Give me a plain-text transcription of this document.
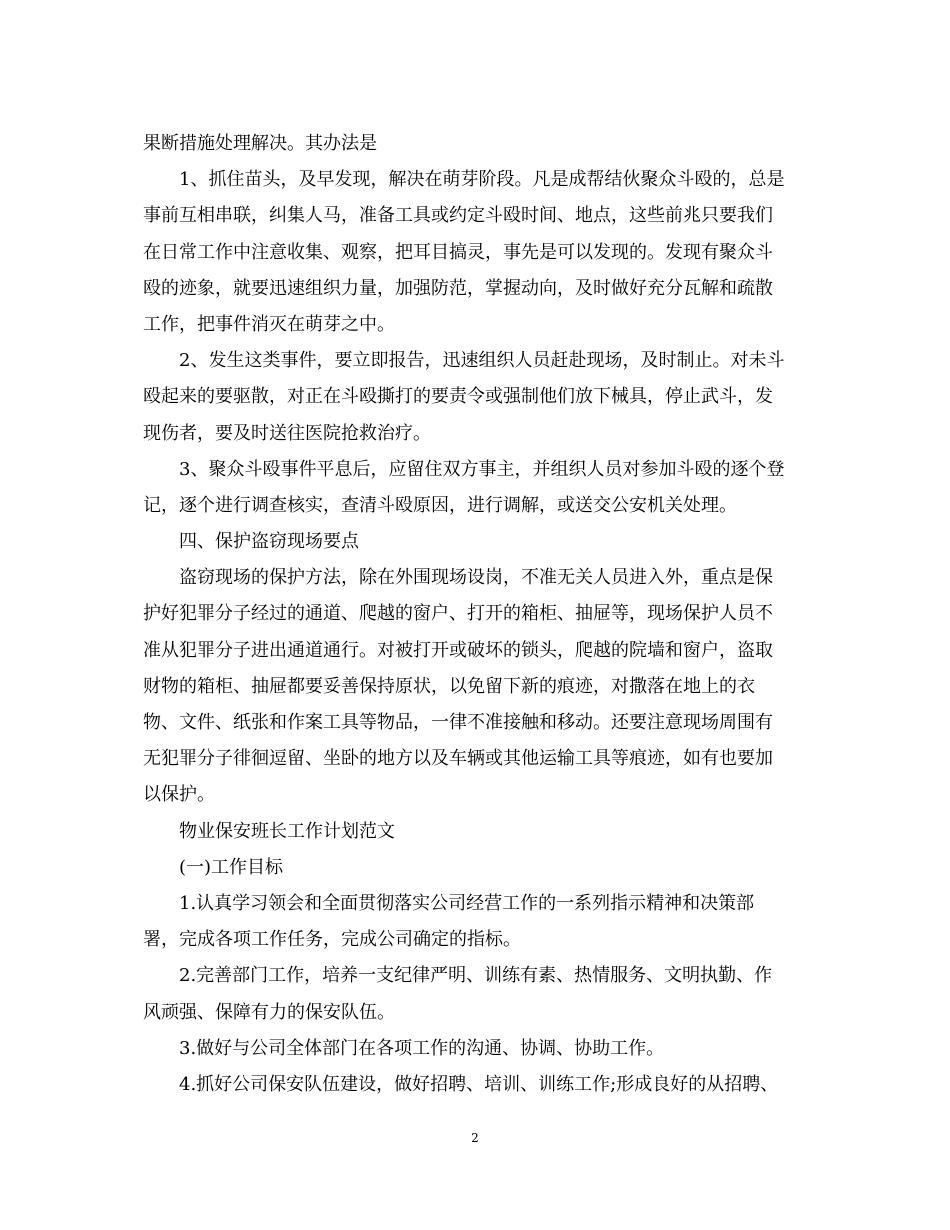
果断措施处理解决。其办法是
1、抓住苗头，及早发现，解决在萌芽阶段。凡是成帮结伙聚众斗殴的，总是
事前互相串联，纠集人马，准备工具或约定斗殴时间、地点，这些前兆只要我们
在日常工作中注意收集、观察，把耳目搞灵，事先是可以发现的。发现有聚众斗
殴的迹象，就要迅速组织力量，加强防范，掌握动向，及时做好充分瓦解和疏散
工作，把事件消灭在萌芽之中。
2、发生这类事件，要立即报告，迅速组织人员赶赴现场，及时制止。对未斗
殴起来的要驱散，对正在斗殴撕打的要责令或强制他们放下械具，停止武斗，发
现伤者，要及时送往医院抢救治疗。
3、聚众斗殴事件平息后，应留住双方事主，并组织人员对参加斗殴的逐个登
记，逐个进行调查核实，查清斗殴原因，进行调解，或送交公安机关处理。
四、保护盗窃现场要点
盗窃现场的保护方法，除在外围现场设岗，不准无关人员进入外，重点是保
护好犯罪分子经过的通道、爬越的窗户、打开的箱柜、抽屉等，现场保护人员不
准从犯罪分子进出通道通行。对被打开或破坏的锁头，爬越的院墙和窗户，盗取
财物的箱柜、抽屉都要妥善保持原状，以免留下新的痕迹，对撒落在地上的衣
物、文件、纸张和作案工具等物品，一律不准接触和移动。还要注意现场周围有
无犯罪分子徘徊逗留、坐卧的地方以及车辆或其他运输工具等痕迹，如有也要加
以保护。
物业保安班长工作计划范文
(一)工作目标
1.认真学习领会和全面贯彻落实公司经营工作的一系列指示精神和决策部
署，完成各项工作任务，完成公司确定的指标。
2.完善部门工作，培养一支纪律严明、训练有素、热情服务、文明执勤、作
风顽强、保障有力的保安队伍。
3.做好与公司全体部门在各项工作的沟通、协调、协助工作。
4.抓好公司保安队伍建设，做好招聘、培训、训练工作;形成良好的从招聘、
2
